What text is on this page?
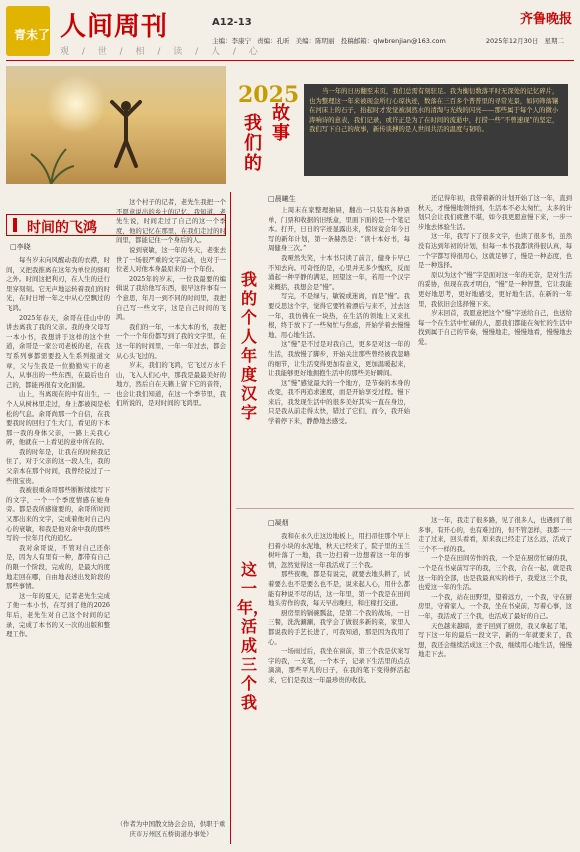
青未了 人间周刊
观 / 世 / 相 / 读 / 人 / 心
A12-13	齐鲁晚报
主编：李康宁 责编：孔昕 美编：陈明丽 投稿邮箱：qlwbrenjian@163.com	2025年12月30日 星期二
2025
我们的
故事

当一年的日历翻至末页，我们总需有刻驻足。我为衡衍数落平时无深处的记忆碎片，也为整理这一年来被现金所行心琼执迹，数落在三百多个普普里的寻常光景，如同筛落镶在河床上的石子，抬起时才发觉被洞然水的清淘与光线的闪亮——那些属于每个人的微小涛响诗的意表，我们记录，或许正是为了在时间的流逝中，打捞一些“不曾速现”的坚定，我们写下自己的故事，新传谈搏的是人世间共活的温度与韧哈。

时间的飞鸿
□李晓

每当岁末向风醒动我的衣襟，时间，又把我推离在这年为单位的驿町之外。时间这把利刃，在人生的迁行里穿刻刻。它无声地运转着我们的时光，在时日增一年之中从心空飘过的飞鸿。

2025年春天，余哥在佳山中的讲去离我了我的父亲。我的身父母写一本小书，我想讲于这样的这个世道，余哥是一家公司老板的老，在我写系列事都需要投入生系列报道文章，父与生我是一位勤勤实干的老人，从事出的一些东西，在最后也自己的，都能再很有文化面貌。

山上，当离现在的中有出生，一个人从树林里走过，身上都被阅是松松的气息。余哥尚那一个自信，在我要我时的回归了生大门，看见的下本那一我的身体父亲，一路上关我心碎，他就在一上看见的意中所在的。

我的时年是，让我在的时候我记住了，对于父亲的这一段人生，我的父亲本在那个时间，我曾经说过了一些很宝贵。

我被很重余哥那些断断续续写下的文字，一个一个季度情感在她身旁。都是我所感谢要的，余哥所时间又那出来的文字，完成着他对自己内心的衰敏，和我是他对余中我的那些写的一位年月代的追忆。

我对余哥说，不管对自己还你是，因为人有里有一种，都带有自己的限一个阶段，完成的，是最大的度地走回在哪，自由地表述出发阶段的那些事情。

这一年的夏天，记者老先生完成了他一本小书，在写到了他的2026年后，老先生对自己这个时间的记录，完成了本书的又一次的出版和整理工作。

这个村子的记者，老先生我把一个不愿意说出的乡土的记忆，我知道，老先生说，时间走过了自己的这一个季度，他的记忆在那里，在我们走过的时间里，都能记住一个身后的人。

说到衰敏，这一年的冬天，老张去世了一场很严重的文字运动，也对于一位老人对他本身最原来的一个年份。

2025年的岁末，一位我最要的编辑说了我给他写东西，很早这件事有一个意思，年月一到不同的时间里，我把自己写一些文字，这是自己时间的飞鸿。

我们的一年，一本大本的书，我把一个一个年份都写到了我的文字里，在这一年的时间里，一年一年过去，都会从心头飞过的。

岁末，我们的飞鸿，它飞过万水千山，飞入人们心中，那我是最最美好的地方，然后自在天籁上留下它的音符，也会让我们知道，在这一个季节里，我们所说的，是对时间的飞鸿里。

（作者为中国散文协会会员，供职于重庆市万州区五桥街道办事处）
我的个人年度汉字
□晨曦生

上周末在家整理抽屉，翻出一只装有各种票单，门票和收据的旧纸盒，里面下面的是一个笔记本。打开，日日的字迹显露出来，惊讶竟会年今日写的新年计划，第一条赫然是：“读十本好书，每周健身三次。”

我哑然失笑，十本书只读了前言，健身卡早已不知去向。可奇怪的是，心里并无多少愧疚，反而涌起一种平静的满足，回望这一年，若用一个汉字来概括，我想会是“慢”。

写完，不是绿与，敏锐或迷离，而是“慢”。我要反思这个字，觉得它要牲着漂后与来不，过去这一年，我仿佛在一块热，在生活的领地上又来扎根，终于放下了一些匆忙与焦虑，开始学着去慢慢地、用心地生活。

这“慢”是不过是对我自己，更多是对这一年的生活，我放慢了脚步，开始关注那些曾经被我忽略的细节，让生活变得更加有意义，更加温暖起来，让我能够更好地拥抱生活中的那些美好瞬间。

这“慢”感觉最大的一个地方，是节奏的本身的改变，我不再追求速度，而是开始享受过程。慢下来后，我发现生活中的很多美好其实一直在身边，只是我从前走得太快，错过了它们，而今，我开始学着停下来，静静地去感受。

还记得年初，我带着新的计划开始了这一年，直到秋天，才慢慢地领悟到，生活本不必太匆忙，太多的计划只会让我们疲惫不堪，如今我更愿意慢下来，一步一步地去体验生活。

这一年，我写下了很多文字，也读了很多书，虽然没有达到年初的计划，但每一本书我都读得很认真，每一个字都写得很用心，这就足够了，慢是一种态度，也是一种选择。

原以为这个“慢”字是面对这一年的无奈，是对生活的妥协，但现在我才明白，“慢”是一种智慧，它让我能更好地思考，更好地感受，更好地生活，在新的一年里，我依旧会选择慢下来。

岁末回首，我愿意把这个“慢”字送给自己，也送给每一个在生活中忙碌的人，愿我们都能在匆忙的生活中找到属于自己的节奏，慢慢地走，慢慢地看，慢慢地去爱。

这一年，活成三个我
□凝烟

我和在永久庄这边地板上，用扫帚往那个早上扫着小块的水泥地，秋天已经来了，院子里的玉兰树叶落了一地，我一边扫着一边想着这一年的事情，忽然觉得这一年我活成了三个我。

那些夜晚，都是有说完，就要去地头耕了，试着要么也不是要么也不是，说来起人心，用什么都能有种说不尽的话，这一年里，第一个我是在田间地头劳作的我，每天早出晚归，和庄稼打交道。

厨房里的锅碗瓢盆，是第二个我的战场，一日三餐，洗洗涮涮，我学会了做很多新的菜，家里人都说我的手艺长进了，可我知道，那是因为我用了心。

一场雨过后，我坐在窗前，第三个我是伏案写字的我，一支笔，一个本子，记录下生活里的点点滴滴，那些平凡的日子，在我的笔下变得鲜活起来，它们是我这一年最珍贵的收获。

这一年，我走了很多路，见了很多人，也遇到了很多事，有开心的，也有难过的，但不管怎样，我都一一走了过来，回头看看，原来我已经走了这么远，活成了三个不一样的我。

一个是在田间劳作的我，一个是在厨房忙碌的我，一个是在书桌前写字的我，三个我，合在一起，就是我这一年的全部，也是我最真实的样子，我爱这三个我，也爱这一年的生活。

一个我，站在田野里，望着远方，一个我，守在厨房里，守着家人，一个我，坐在书桌前，写着心事，这一年，我活成了三个我，也活成了最好的自己。

天色越来越暗，妻子回到了厨房，我又拿起了笔，写下这一年的最后一段文字，新的一年就要来了，我想，我还会继续活成这三个我，继续用心地生活，慢慢地走下去。
